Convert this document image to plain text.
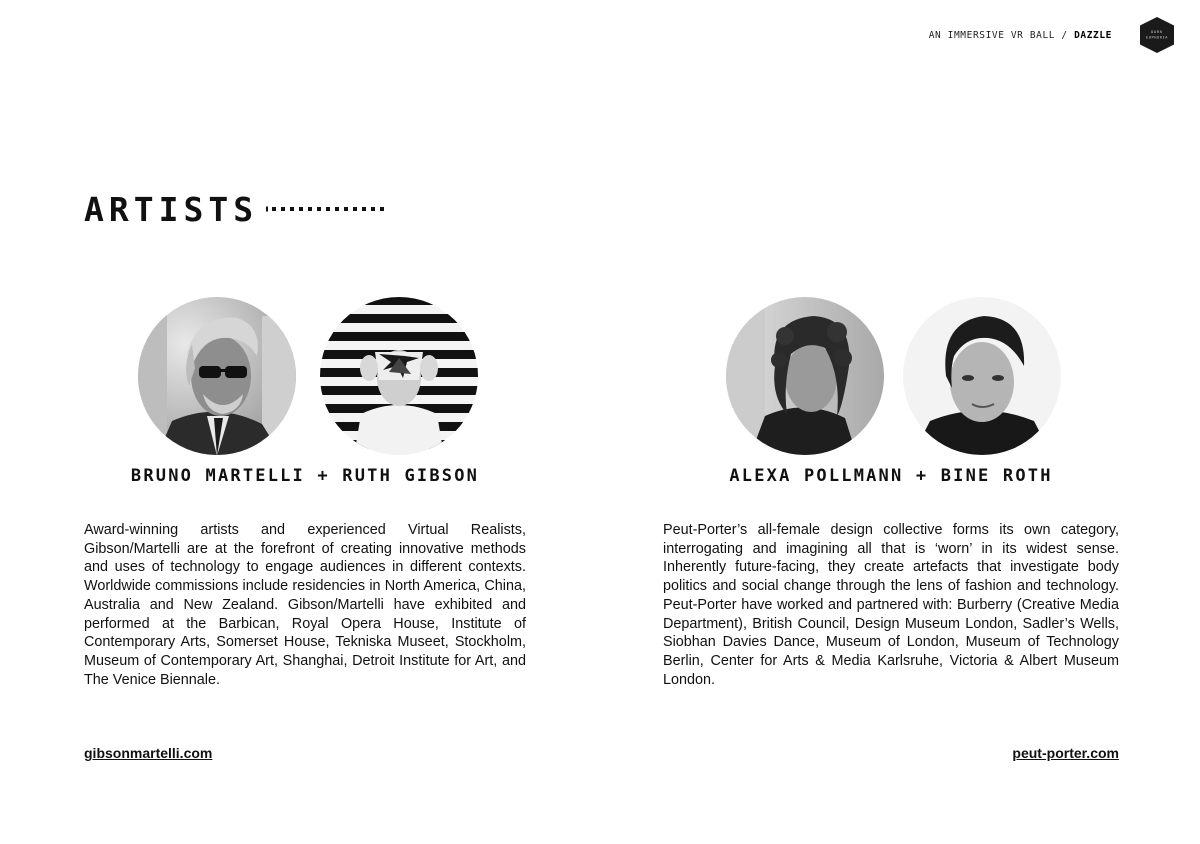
AN IMMERSIVE VR BALL / DAZZLE	DARK
EUPHORIA
ARTISTS
BRUNO MARTELLI + RUTH GIBSON

Award-winning artists and experienced Virtual Realists, Gibson/Martelli are at the forefront of creating innovative methods and uses of technology to engage audiences in different contexts. Worldwide commissions include residencies in North America, China, Australia and New Zealand. Gibson/Martelli have exhibited and performed at the Barbican, Royal Opera House, Institute of Contemporary Arts, Somerset House, Tekniska Museet, Stockholm, Museum of Contemporary Art, Shanghai, Detroit Institute for Art, and The Venice Biennale.

gibsonmartelli.com
ALEXA POLLMANN + BINE ROTH

Peut-Porter’s all-female design collective forms its own category, interrogating and imagining all that is ‘worn’ in its widest sense. Inherently future-facing, they create artefacts that investigate body politics and social change through the lens of fashion and technology. Peut-Porter have worked and partnered with: Burberry (Creative Media Department), British Council, Design Museum London, Sadler’s Wells, Siobhan Davies Dance, Museum of London, Museum of Technology Berlin, Center for Arts & Media Karlsruhe, Victoria & Albert Museum London.

peut-porter.com
